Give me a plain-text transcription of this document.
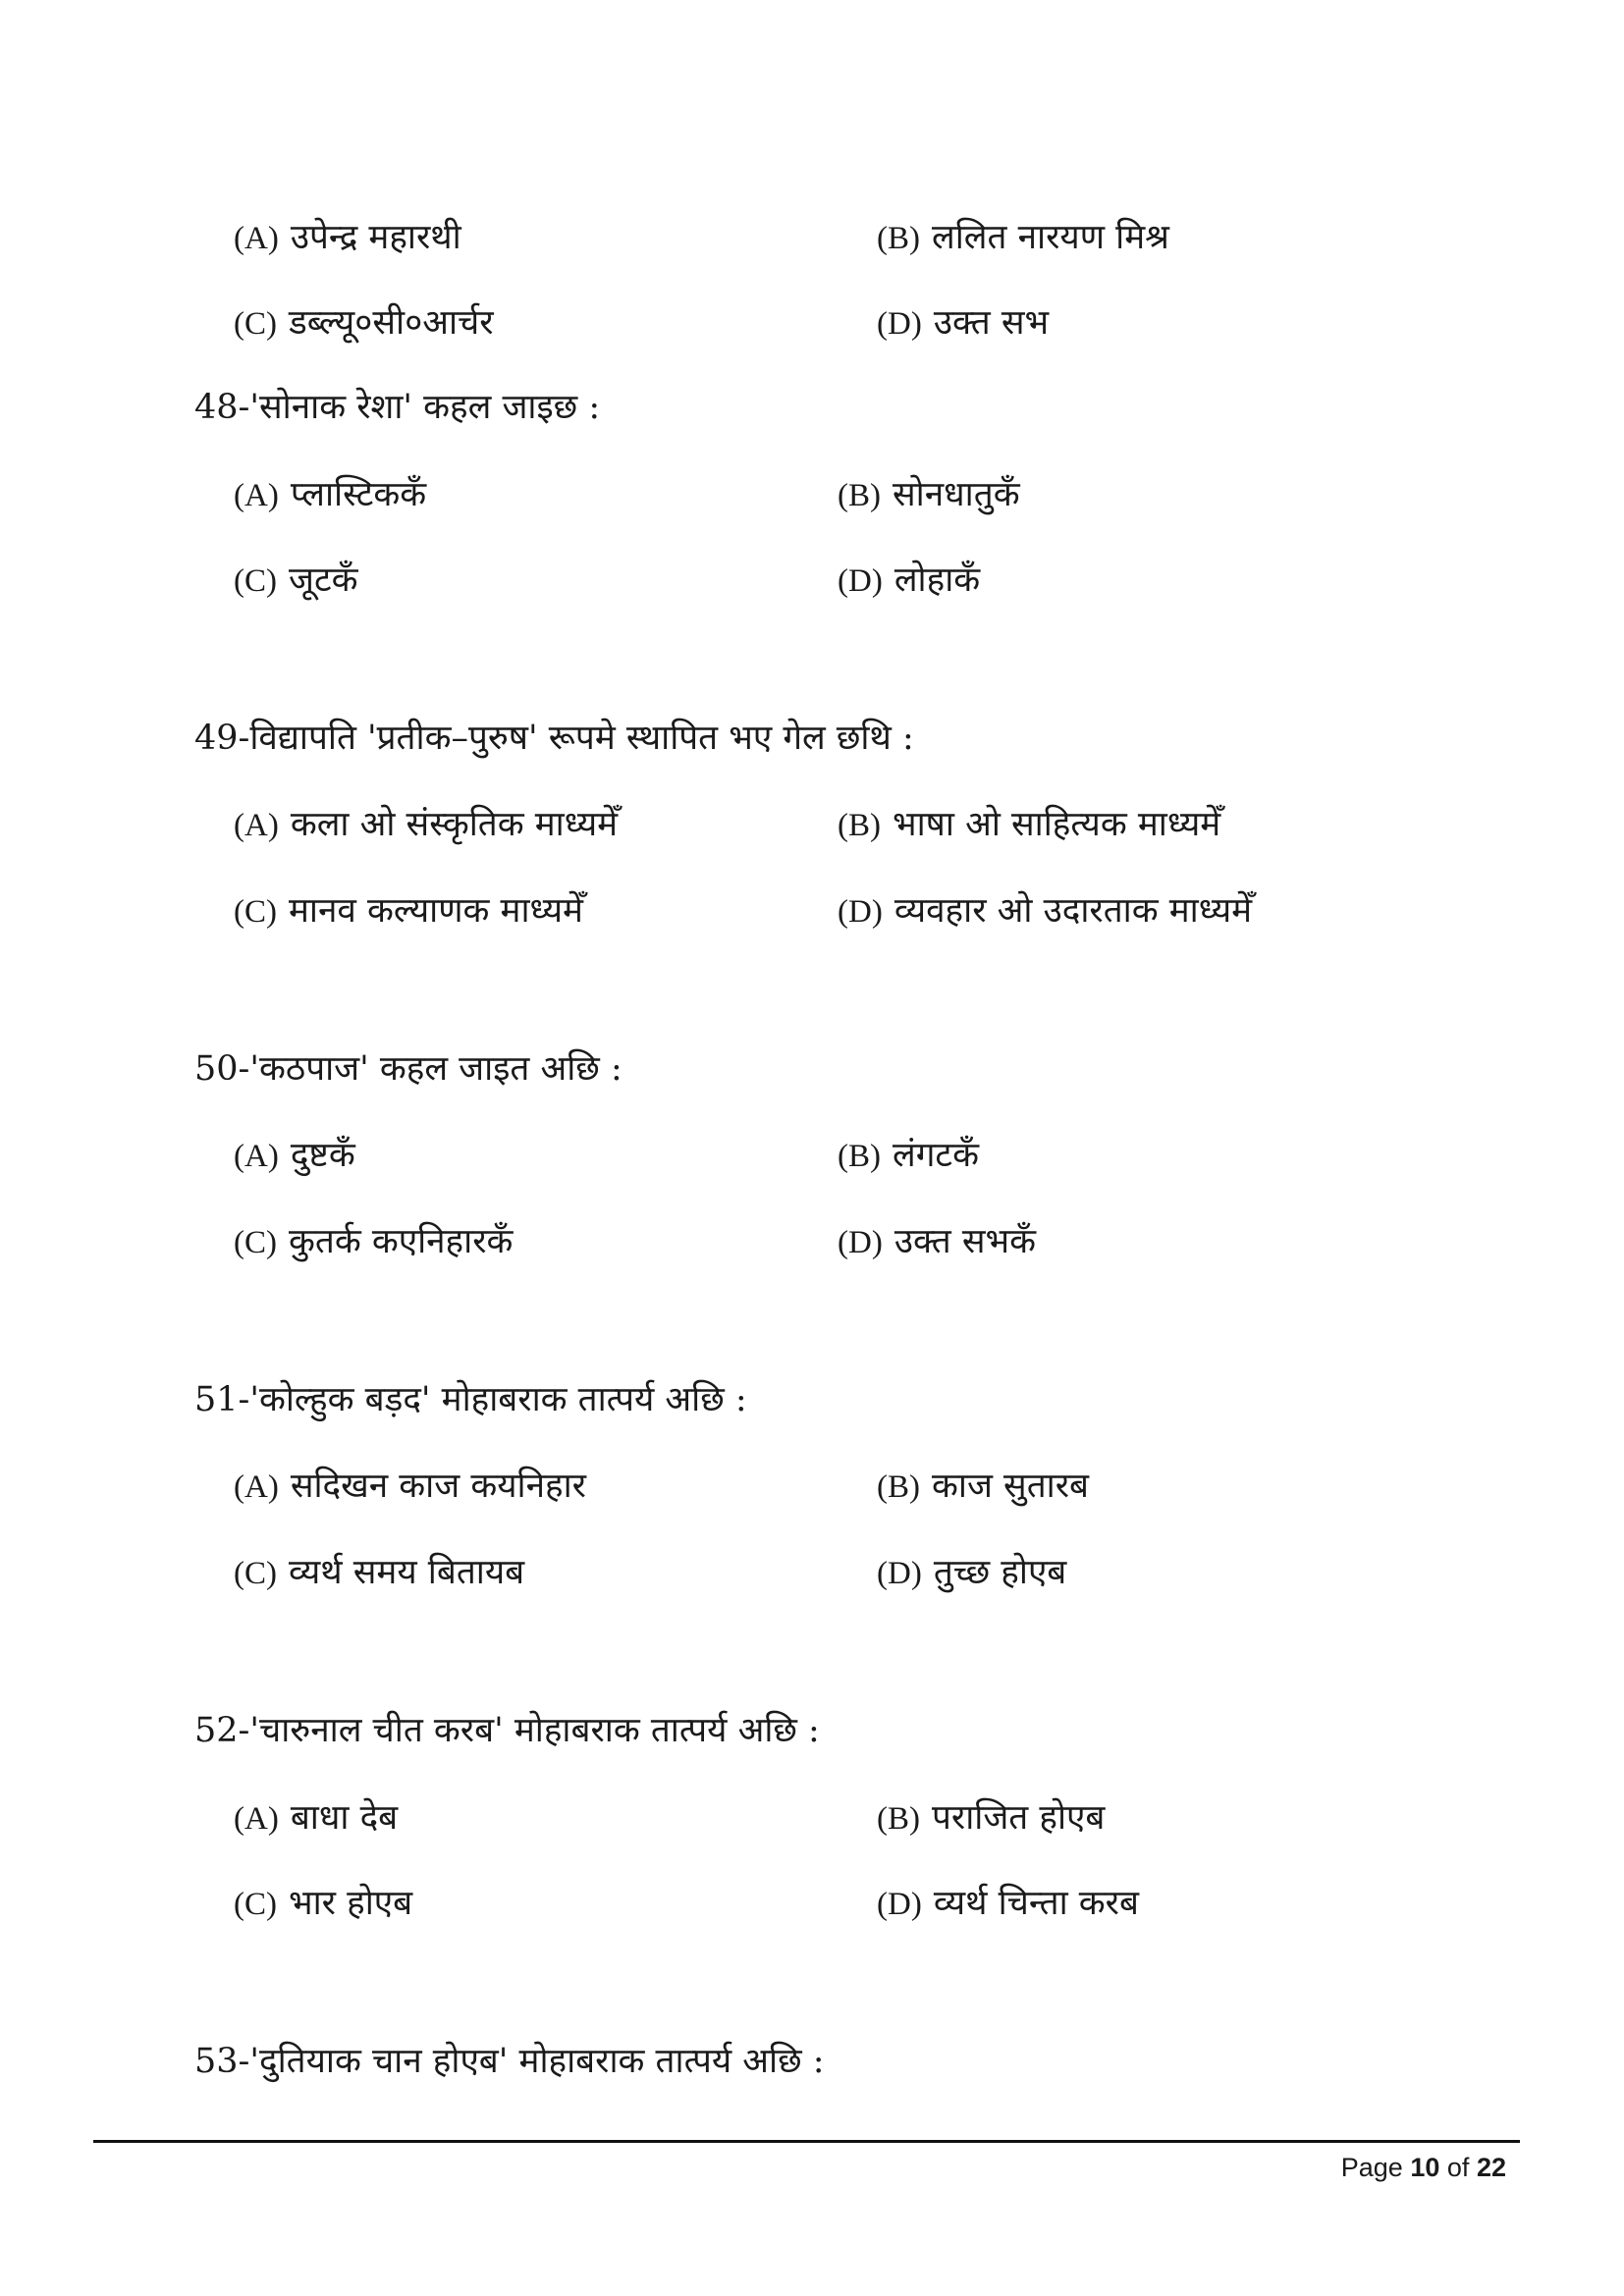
(A) उपेन्द्र महारथी	(B) ललित नारयण मिश्र
(C) डब्ल्यू०सी०आर्चर	(D) उक्त सभ
48-'सोनाक रेशा' कहल जाइछ :
(A) प्लास्टिककँ	(B) सोनधातुकँ
(C) जूटकँ	(D) लोहाकँ
49-विद्यापति 'प्रतीक–पुरुष' रूपमे स्थापित भए गेल छथि :
(A) कला ओ संस्कृतिक माध्यमेँ	(B) भाषा ओ साहित्यक माध्यमेँ
(C) मानव कल्याणक माध्यमेँ	(D) व्यवहार ओ उदारताक माध्यमेँ
50-'कठपाज' कहल जाइत अछि :
(A) दुष्टकँ	(B) लंगटकँ
(C) कुतर्क कएनिहारकँ	(D) उक्त सभकँ
51-'कोल्हुक बड़द' मोहाबराक तात्पर्य अछि :
(A) सदिखन काज कयनिहार	(B) काज सुतारब
(C) व्यर्थ समय बितायब	(D) तुच्छ होएब
52-'चारुनाल चीत करब' मोहाबराक तात्पर्य अछि :
(A) बाधा देब	(B) पराजित होएब
(C) भार होएब	(D) व्यर्थ चिन्ता करब
53-'दुतियाक चान होएब' मोहाबराक तात्पर्य अछि :
Page 10 of 22
